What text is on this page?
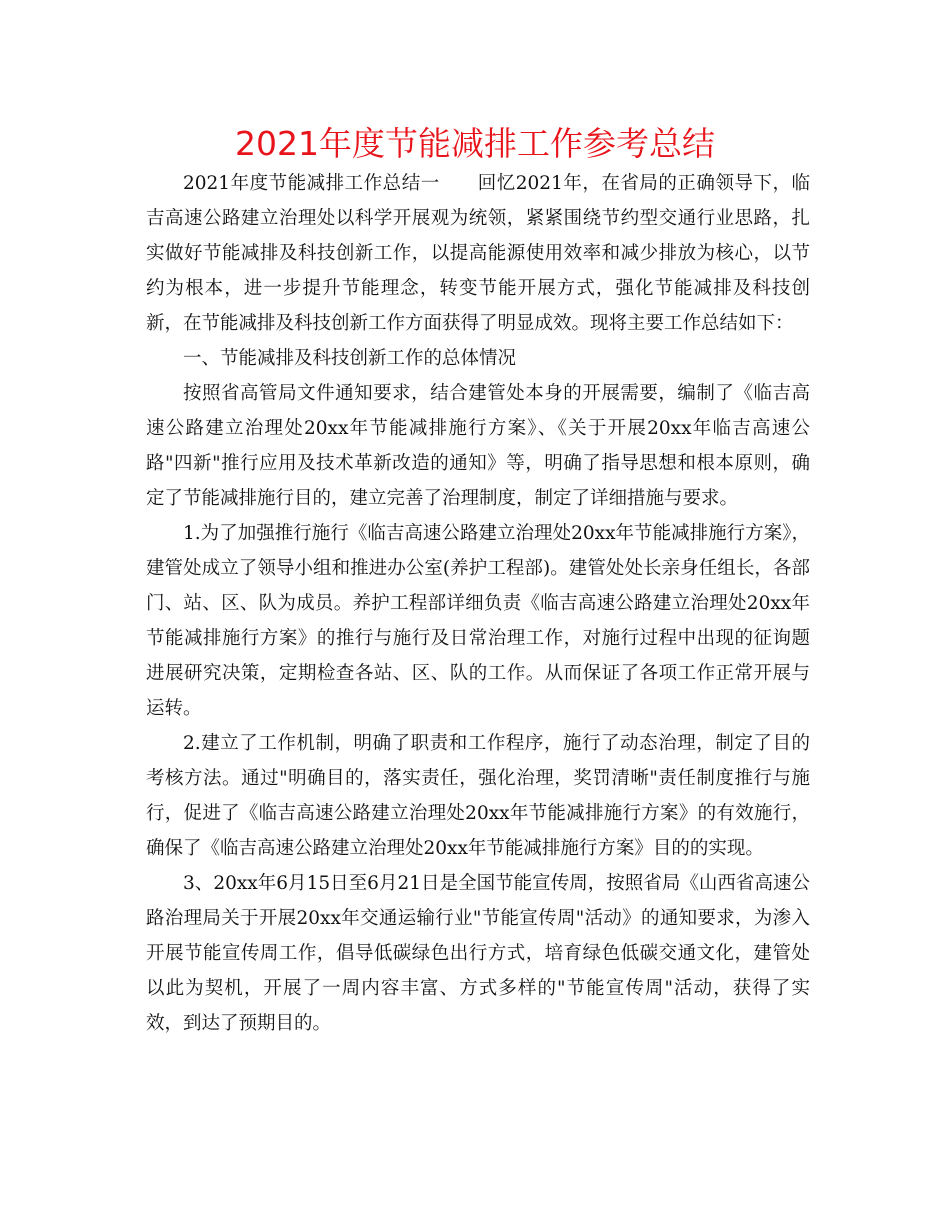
2021年度节能减排工作参考总结

2021年度节能减排工作总结一　　回忆2021年，在省局的正确领导下，临吉高速公路建立治理处以科学开展观为统领，紧紧围绕节约型交通行业思路，扎实做好节能减排及科技创新工作，以提高能源使用效率和减少排放为核心，以节约为根本，进一步提升节能理念，转变节能开展方式，强化节能减排及科技创新，在节能减排及科技创新工作方面获得了明显成效。现将主要工作总结如下：

一、节能减排及科技创新工作的总体情况

按照省高管局文件通知要求，结合建管处本身的开展需要，编制了《临吉高速公路建立治理处20xx年节能减排施行方案》、《关于开展20xx年临吉高速公路"四新"推行应用及技术革新改造的通知》等，明确了指导思想和根本原则，确定了节能减排施行目的，建立完善了治理制度，制定了详细措施与要求。

1.为了加强推行施行《临吉高速公路建立治理处20xx年节能减排施行方案》，建管处成立了领导小组和推进办公室(养护工程部)。建管处处长亲身任组长，各部门、站、区、队为成员。养护工程部详细负责《临吉高速公路建立治理处20xx年节能减排施行方案》的推行与施行及日常治理工作，对施行过程中出现的征询题进展研究决策，定期检查各站、区、队的工作。从而保证了各项工作正常开展与运转。

2.建立了工作机制，明确了职责和工作程序，施行了动态治理，制定了目的考核方法。通过"明确目的，落实责任，强化治理，奖罚清晰"责任制度推行与施行，促进了《临吉高速公路建立治理处20xx年节能减排施行方案》的有效施行，确保了《临吉高速公路建立治理处20xx年节能减排施行方案》目的的实现。

3、20xx年6月15日至6月21日是全国节能宣传周，按照省局《山西省高速公路治理局关于开展20xx年交通运输行业"节能宣传周"活动》的通知要求，为渗入开展节能宣传周工作，倡导低碳绿色出行方式，培育绿色低碳交通文化，建管处以此为契机，开展了一周内容丰富、方式多样的"节能宣传周"活动，获得了实效，到达了预期目的。
